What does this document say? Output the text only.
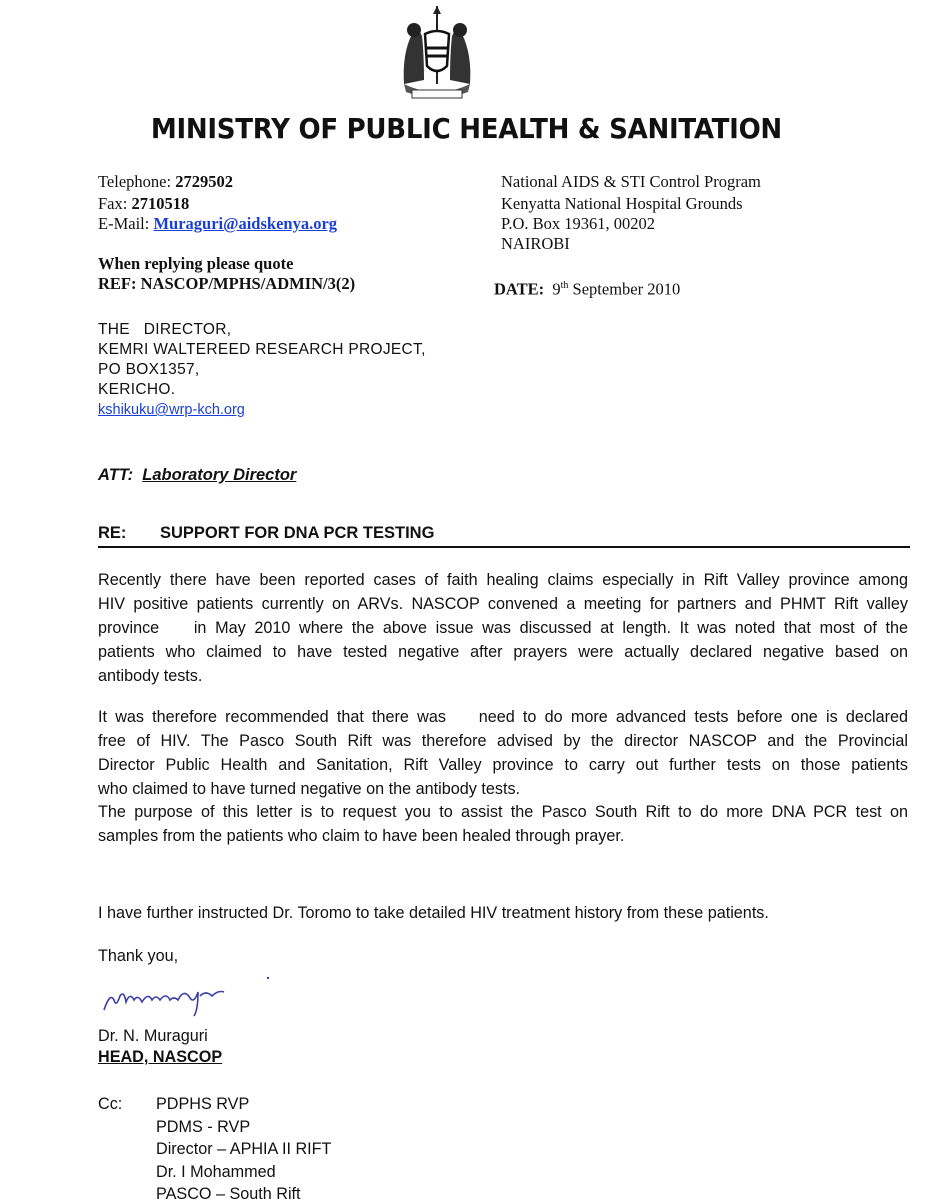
MINISTRY OF PUBLIC HEALTH & SANITATION
Telephone: 2729502
Fax: 2710518
E-Mail: Muraguri@aidskenya.org
When replying please quote
REF: NASCOP/MPHS/ADMIN/3(2)
National AIDS & STI Control Program
Kenyatta National Hospital Grounds
P.O. Box 19361, 00202
NAIROBI
DATE: 9th September 2010
THE   DIRECTOR,
KEMRI WALTEREED RESEARCH PROJECT,
PO BOX1357,
KERICHO.
kshikuku@wrp-kch.org
ATT: Laboratory Director
RE: SUPPORT FOR DNA PCR TESTING
Recently there have been reported cases of faith healing claims especially in Rift Valley province among
HIV positive patients currently on ARVs. NASCOP convened a meeting for partners and PHMT Rift valley
province    in May 2010 where the above issue was discussed at length. It was noted that most of the
patients who claimed to have tested negative after prayers were actually declared negative based on
antibody tests.
It was therefore recommended that there was    need to do more advanced tests before one is declared
free of HIV. The Pasco South Rift was therefore advised by the director NASCOP and the Provincial
Director Public Health and Sanitation, Rift Valley province to carry out further tests on those patients
who claimed to have turned negative on the antibody tests.
The purpose of this letter is to request you to assist the Pasco South Rift to do more DNA PCR test on
samples from the patients who claim to have been healed through prayer.
I have further instructed Dr. Toromo to take detailed HIV treatment history from these patients.
Thank you,
Dr. N. Muraguri
HEAD, NASCOP
Cc: PDPHS RVP
PDMS - RVP
Director – APHIA II RIFT
Dr. I Mohammed
PASCO – South Rift
